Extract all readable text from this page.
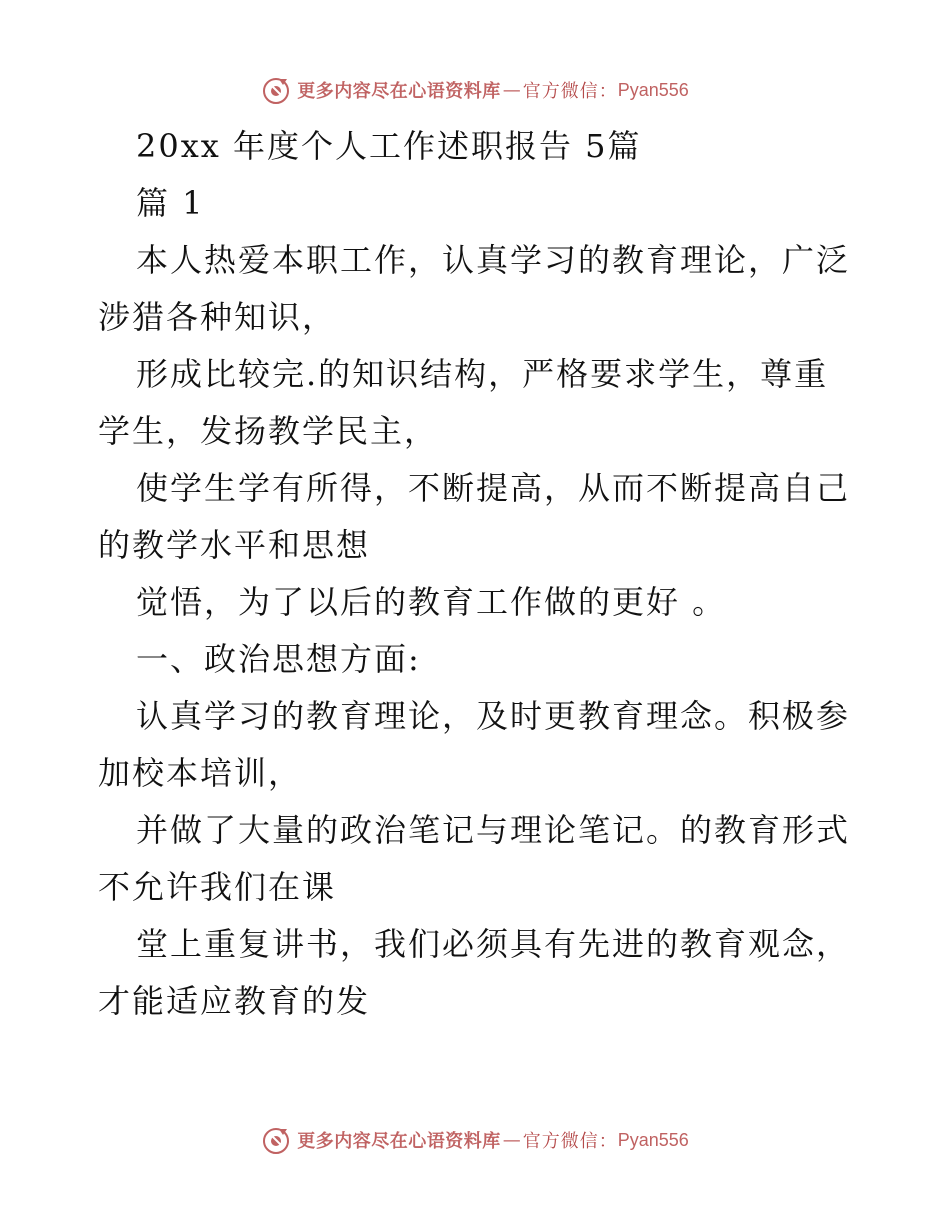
更多内容尽在心语资料库 — 官方微信： Pyan556
20xx 年度个人工作述职报告 5篇
篇 1
本人热爱本职工作，认真学习的教育理论，广泛
涉猎各种知识，
形成比较完.的知识结构，严格要求学生，尊重
学生，发扬教学民主，
使学生学有所得，不断提高，从而不断提高自己
的教学水平和思想
觉悟，为了以后的教育工作做的更好 。
一、政治思想方面:
认真学习的教育理论，及时更教育理念。积极参
加校本培训，
并做了大量的政治笔记与理论笔记。的教育形式
不允许我们在课
堂上重复讲书，我们必须具有先进的教育观念，
才能适应教育的发
更多内容尽在心语资料库 — 官方微信： Pyan556
